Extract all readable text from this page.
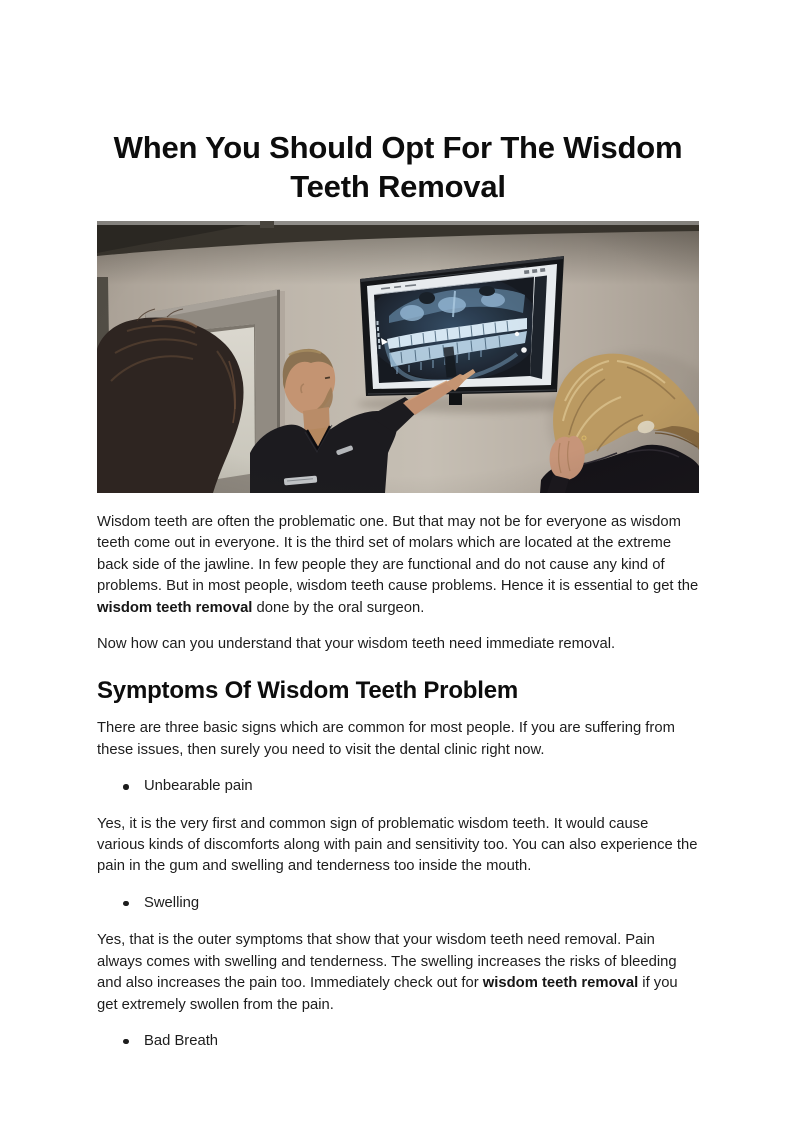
When You Should Opt For The Wisdom
Teeth Removal

Wisdom teeth are often the problematic one. But that may not be for everyone as wisdom teeth come out in everyone. It is the third set of molars which are located at the extreme back side of the jawline. In few people they are functional and do not cause any kind of problems. But in most people, wisdom teeth cause problems. Hence it is essential to get the wisdom teeth removal done by the oral surgeon.

Now how can you understand that your wisdom teeth need immediate removal.

Symptoms Of Wisdom Teeth Problem

There are three basic signs which are common for most people. If you are suffering from these issues, then surely you need to visit the dental clinic right now.

Unbearable pain

Yes, it is the very first and common sign of problematic wisdom teeth. It would cause various kinds of discomforts along with pain and sensitivity too. You can also experience the pain in the gum and swelling and tenderness too inside the mouth.

Swelling

Yes, that is the outer symptoms that show that your wisdom teeth need removal. Pain always comes with swelling and tenderness. The swelling increases the risks of bleeding and also increases the pain too. Immediately check out for wisdom teeth removal if you get extremely swollen from the pain.

Bad Breath
